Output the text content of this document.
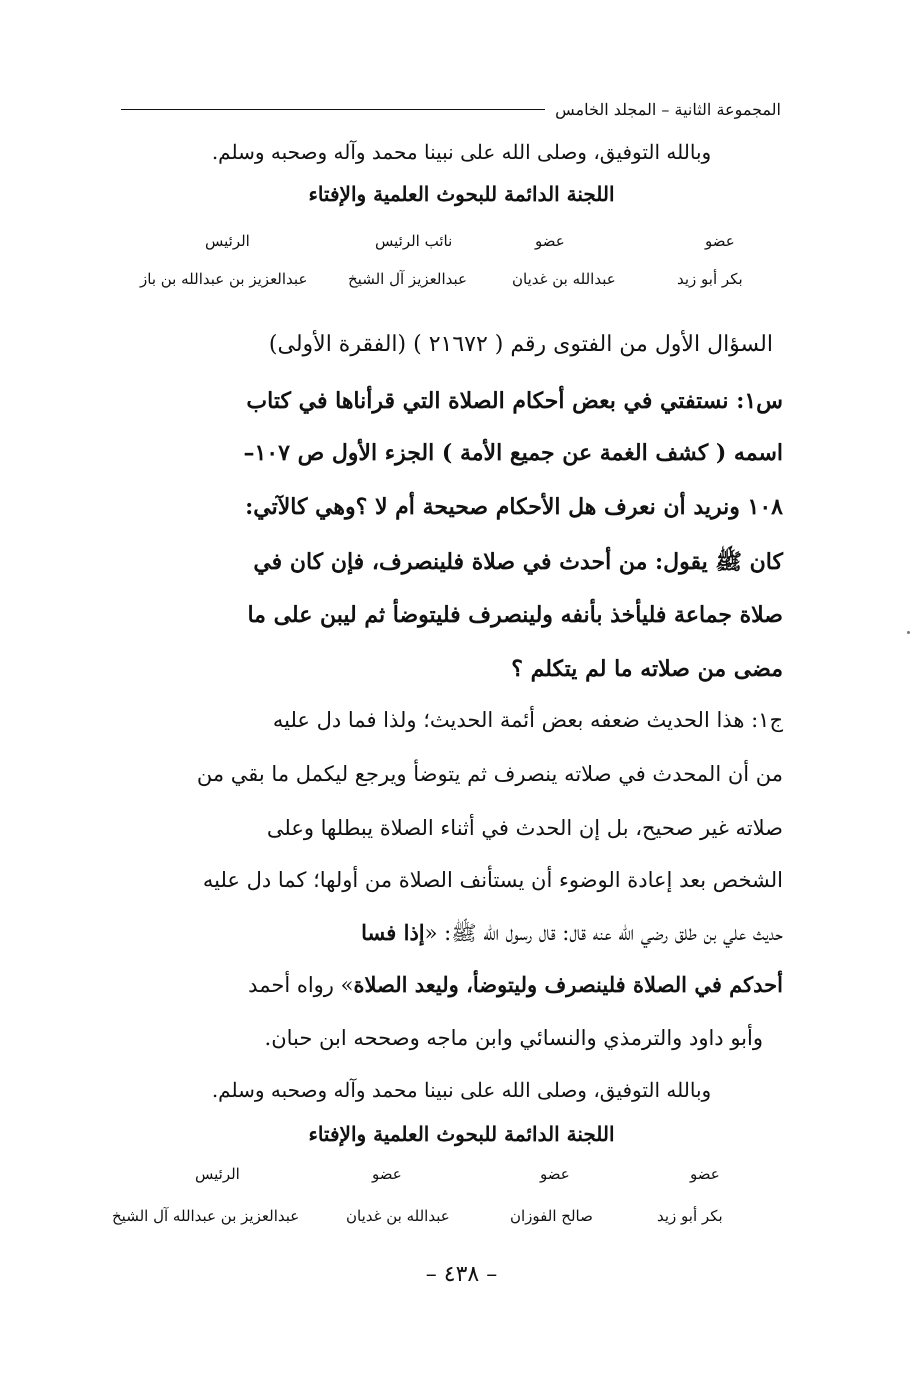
المجموعة الثانية – المجلد الخامس
وبالله التوفيق، وصلى الله على نبينا محمد وآله وصحبه وسلم.
اللجنة الدائمة للبحوث العلمية والإفتاء
عضو
عضو
نائب الرئيس
الرئيس
بكر أبو زيد
عبدالله بن غديان
عبدالعزيز آل الشيخ
عبدالعزيز بن عبدالله بن باز
السؤال الأول من الفتوى رقم ( ٢١٦٧٢ ) (الفقرة الأولى)
س١: نستفتي في بعض أحكام الصلاة التي قرأناها في كتاب
اسمه ( كشف الغمة عن جميع الأمة ) الجزء الأول ص ١٠٧–
١٠٨ ونريد أن نعرف هل الأحكام صحيحة أم لا ؟وهي كالآتي:
كان ﷺ يقول: من أحدث في صلاة فلينصرف، فإن كان في
صلاة جماعة فليأخذ بأنفه ولينصرف فليتوضأ ثم ليبن على ما
مضى من صلاته ما لم يتكلم ؟
ج١: هذا الحديث ضعفه بعض أئمة الحديث؛ ولذا فما دل عليه
من أن المحدث في صلاته ينصرف ثم يتوضأ ويرجع ليكمل ما بقي من
صلاته غير صحيح، بل إن الحدث في أثناء الصلاة يبطلها وعلى
الشخص بعد إعادة الوضوء أن يستأنف الصلاة من أولها؛ كما دل عليه
حديث علي بن طلق رضي الله عنه قال: قال رسول الله ﷺ: «إذا فسا
أحدكم في الصلاة فلينصرف وليتوضأ، وليعد الصلاة» رواه أحمد
وأبو داود والترمذي والنسائي وابن ماجه وصححه ابن حبان.
وبالله التوفيق، وصلى الله على نبينا محمد وآله وصحبه وسلم.
اللجنة الدائمة للبحوث العلمية والإفتاء
عضو
عضو
عضو
الرئيس
بكر أبو زيد
صالح الفوزان
عبدالله بن غديان
عبدالعزيز بن عبدالله آل الشيخ
– ٤٣٨ –
